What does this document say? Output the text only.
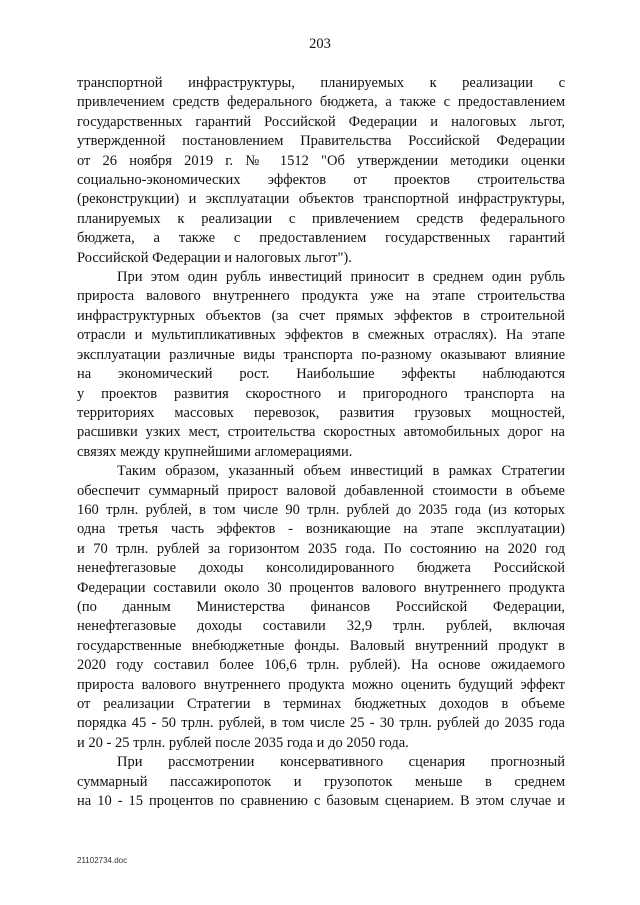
203

транспортной инфраструктуры, планируемых к реализации с
привлечением средств федерального бюджета, а также с предоставлением
государственных гарантий Российской Федерации и налоговых льгот,
утвержденной постановлением Правительства Российской Федерации
от 26 ноября 2019 г. № 1512 "Об утверждении методики оценки
социально-экономических эффектов от проектов строительства
(реконструкции) и эксплуатации объектов транспортной инфраструктуры,
планируемых к реализации с привлечением средств федерального
бюджета, а также с предоставлением государственных гарантий
Российской Федерации и налоговых льгот").

При этом один рубль инвестиций приносит в среднем один рубль
прироста валового внутреннего продукта уже на этапе строительства
инфраструктурных объектов (за счет прямых эффектов в строительной
отрасли и мультипликативных эффектов в смежных отраслях). На этапе
эксплуатации различные виды транспорта по-разному оказывают влияние
на экономический рост. Наибольшие эффекты наблюдаются
у проектов развития скоростного и пригородного транспорта на
территориях массовых перевозок, развития грузовых мощностей,
расшивки узких мест, строительства скоростных автомобильных дорог на
связях между крупнейшими агломерациями.

Таким образом, указанный объем инвестиций в рамках Стратегии
обеспечит суммарный прирост валовой добавленной стоимости в объеме
160 трлн. рублей, в том числе 90 трлн. рублей до 2035 года (из которых
одна третья часть эффектов - возникающие на этапе эксплуатации)
и 70 трлн. рублей за горизонтом 2035 года. По состоянию на 2020 год
ненефтегазовые доходы консолидированного бюджета Российской
Федерации составили около 30 процентов валового внутреннего продукта
(по данным Министерства финансов Российской Федерации,
ненефтегазовые доходы составили 32,9 трлн. рублей, включая
государственные внебюджетные фонды. Валовый внутренний продукт в
2020 году составил более 106,6 трлн. рублей). На основе ожидаемого
прироста валового внутреннего продукта можно оценить будущий эффект
от реализации Стратегии в терминах бюджетных доходов в объеме
порядка 45 - 50 трлн. рублей, в том числе 25 - 30 трлн. рублей до 2035 года
и 20 - 25 трлн. рублей после 2035 года и до 2050 года.

При рассмотрении консервативного сценария прогнозный
суммарный пассажиропоток и грузопоток меньше в среднем
на 10 - 15 процентов по сравнению с базовым сценарием. В этом случае и

21102734.doc
